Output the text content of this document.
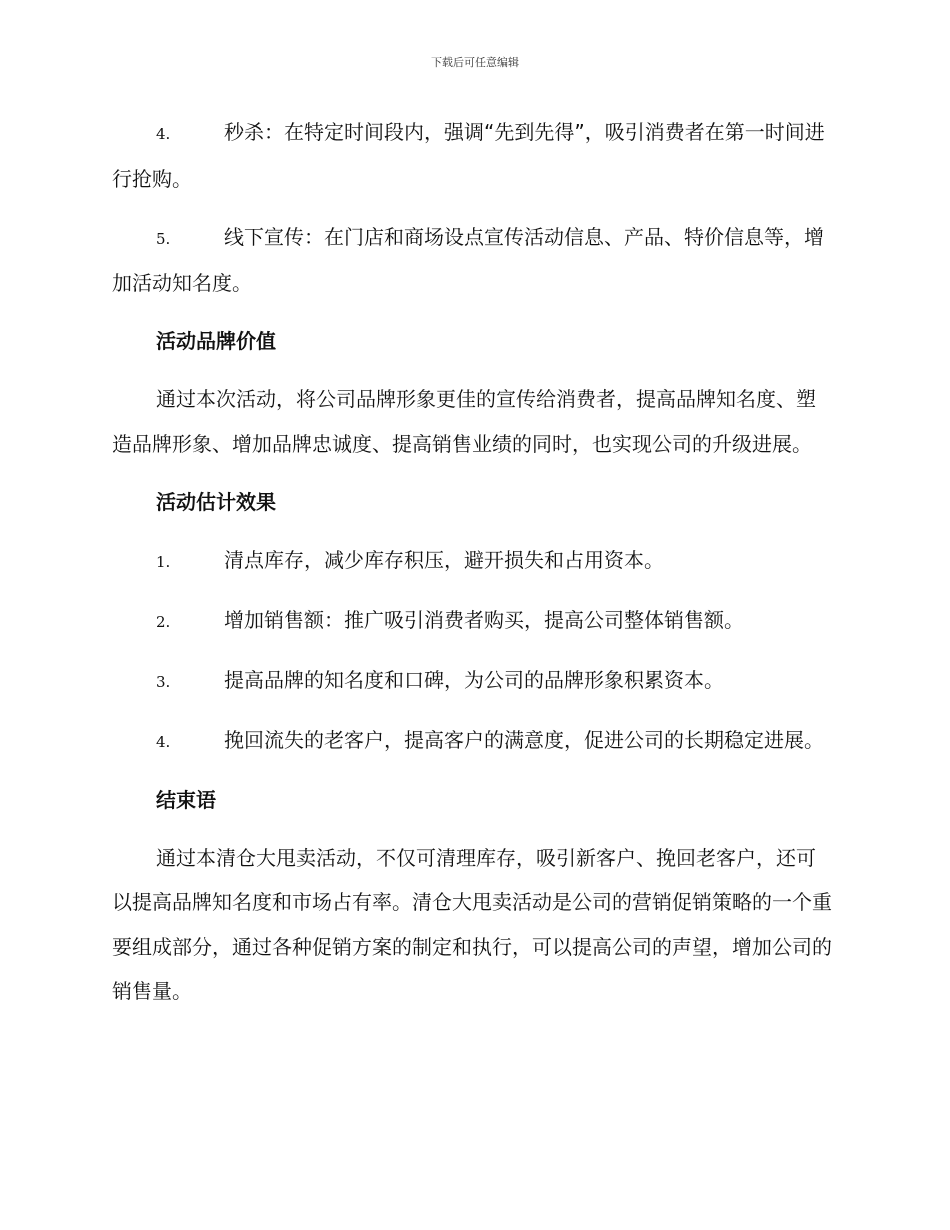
下载后可任意编辑

4.	秒杀：在特定时间段内，强调“先到先得”，吸引消费者在第一时间进行抢购。

5.	线下宣传：在门店和商场设点宣传活动信息、产品、特价信息等，增加活动知名度。

活动品牌价值

通过本次活动，将公司品牌形象更佳的宣传给消费者，提高品牌知名度、塑造品牌形象、增加品牌忠诚度、提高销售业绩的同时，也实现公司的升级进展。

活动估计效果

1.	清点库存，减少库存积压，避开损失和占用资本。

2.	增加销售额：推广吸引消费者购买，提高公司整体销售额。

3.	提高品牌的知名度和口碑，为公司的品牌形象积累资本。

4.	挽回流失的老客户，提高客户的满意度，促进公司的长期稳定进展。

结束语

通过本清仓大甩卖活动，不仅可清理库存，吸引新客户、挽回老客户，还可以提高品牌知名度和市场占有率。清仓大甩卖活动是公司的营销促销策略的一个重要组成部分，通过各种促销方案的制定和执行，可以提高公司的声望，增加公司的销售量。
